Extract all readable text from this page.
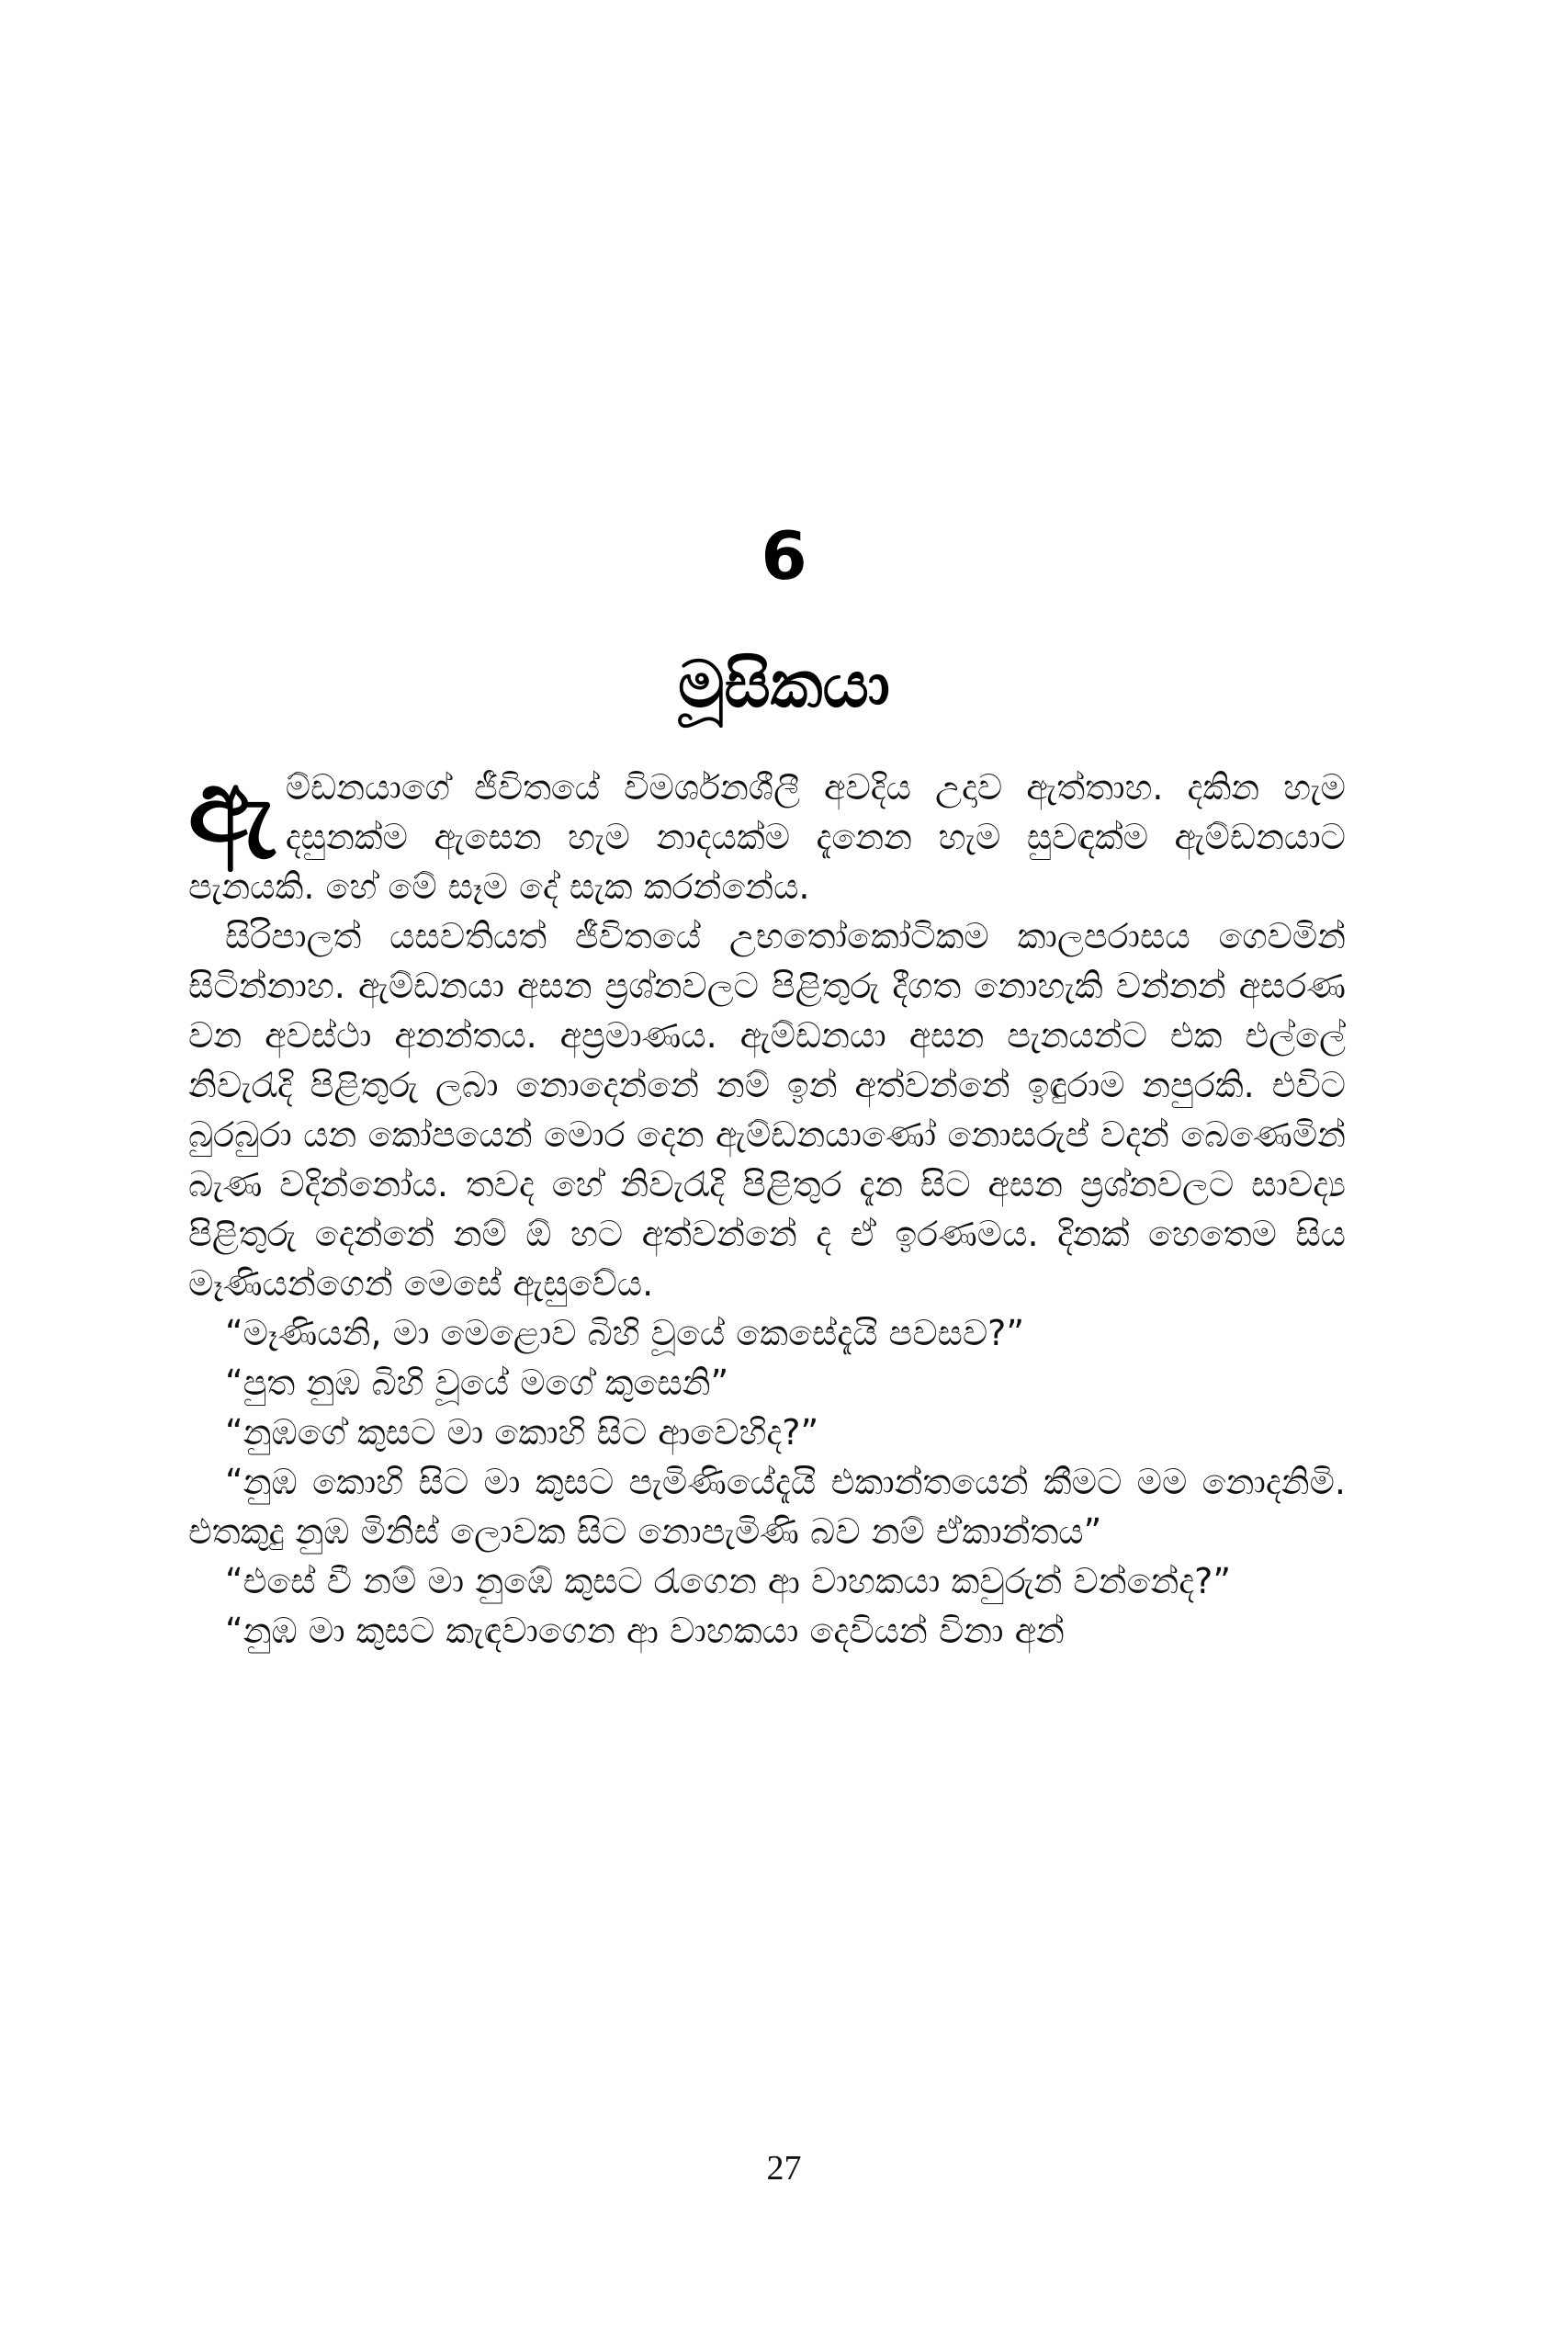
6
මූසිකයා

ඇම්ඩනයාගේ ජීවිතයේ විමර්ශනශීලී අවදිය උදාව ඇත්තාහ. දකින හැම දසුනක්ම ඇසෙන හැම නාදයක්ම දැනෙන හැම සුවඳක්ම ඇම්ඩනයාට පැනයකි. හේ මේ සෑම දේ සැක කරන්නේය.

සිරිපාලත් යසවතියත් ජීවිතයේ උභතෝකෝටිකම කාලපරාසය ගෙවමින් සිටින්නාහ. ඇම්ඩනයා අසන ප්‍රශ්නවලට පිළිතුරු දීගත නොහැකි වන්නන් අසරණ වන අවස්ථා අනන්තය. අප්‍රමාණය. ඇම්ඩනයා අසන පැනයන්ට එක එල්ලේ නිවැරැදි පිළිතුරු ලබා නොදෙන්නේ නම් ඉන් අත්වන්නේ ඉඳුරාම නපුරකි. එවිට බුරබුරා යන කෝපයෙන් මොර දෙන ඇම්ඩනයාණෝ නොසරුප් වදන් බෙණෙමින් බැණ වදින්නෝය. තවද හේ නිවැරැදි පිළිතුර දැන සිට අසන ප්‍රශ්නවලට සාවද්‍ය පිළිතුරු දෙන්නේ නම් ඕ හට අත්වන්නේ ද ඒ ඉරණමය. දිනක් හෙතෙම සිය මෑණියන්ගෙන් මෙසේ ඇසුවේය.

“මෑණියනි, මා මෙළොව බිහි වූයේ කෙසේදැයි පවසව?”

“පුත නුඹ බිහි වූයේ මගේ කුසෙනි”

“නුඹගේ කුසට මා කොහි සිට ආවෙහිද?”

“නුඹ කොහි සිට මා කුසට පැමිණියේදැයි එකාන්තයෙන් කීමට මම නොදනිමි. එතකුදු නුඹ මිනිස් ලොවක සිට නොපැමිණි බව නම් ඒකාන්තය”

“එසේ වී නම් මා නුඹේ කුසට රැගෙන ආ වාහකයා කවුරුන් වන්නේද?”

“නුඹ මා කුසට කැඳවාගෙන ආ වාහකයා දෙවියන් විනා අන්

27
